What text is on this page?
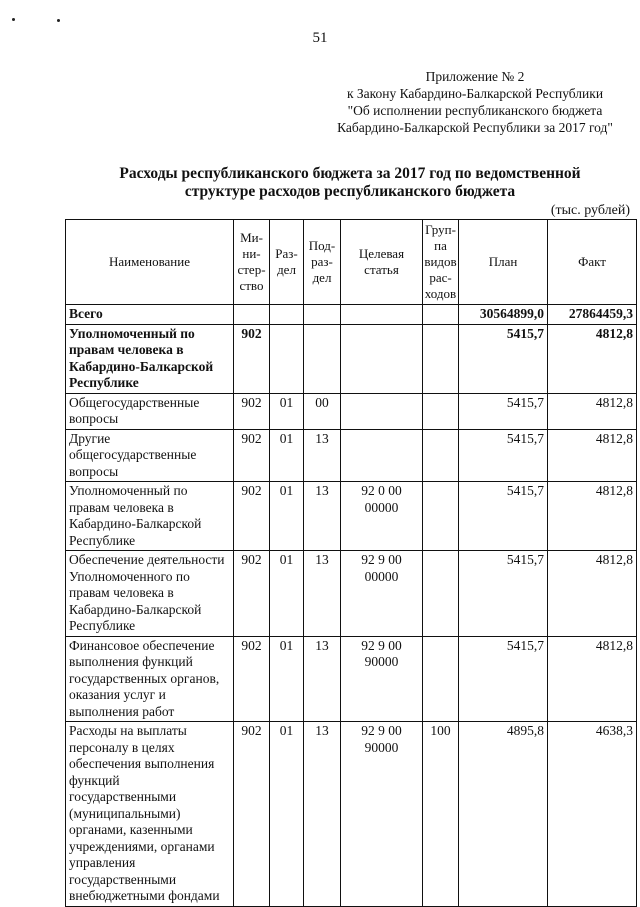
51
Приложение № 2
к Закону Кабардино-Балкарской Республики
"Об исполнении республиканского бюджета
Кабардино-Балкарской Республики за 2017 год"
Расходы республиканского бюджета за 2017 год по ведомственной
структуре расходов республиканского бюджета
(тыс. рублей)
Наименование	Ми-
ни-
стер-
ство	Раз-
дел	Под-
раз-
дел	Целевая
статья	Груп-
па
видов
рас-
ходов	План	Факт
Всего						30564899,0	27864459,3
Уполномоченный по правам человека в Кабардино-Балкарской Республике	902					5415,7	4812,8
Общегосударственные вопросы	902	01	00			5415,7	4812,8
Другие общегосударственные вопросы	902	01	13			5415,7	4812,8
Уполномоченный по правам человека в Кабардино-Балкарской Республике	902	01	13	92 0 00 00000		5415,7	4812,8
Обеспечение деятельности Уполномоченного по правам человека в Кабардино-Балкарской Республике	902	01	13	92 9 00 00000		5415,7	4812,8
Финансовое обеспечение выполнения функций государственных органов, оказания услуг и выполнения работ	902	01	13	92 9 00 90000		5415,7	4812,8
Расходы на выплаты персоналу в целях обеспечения выполнения функций государственными (муниципальными) органами, казенными учреждениями, органами управления государственными внебюджетными фондами	902	01	13	92 9 00 90000	100	4895,8	4638,3
